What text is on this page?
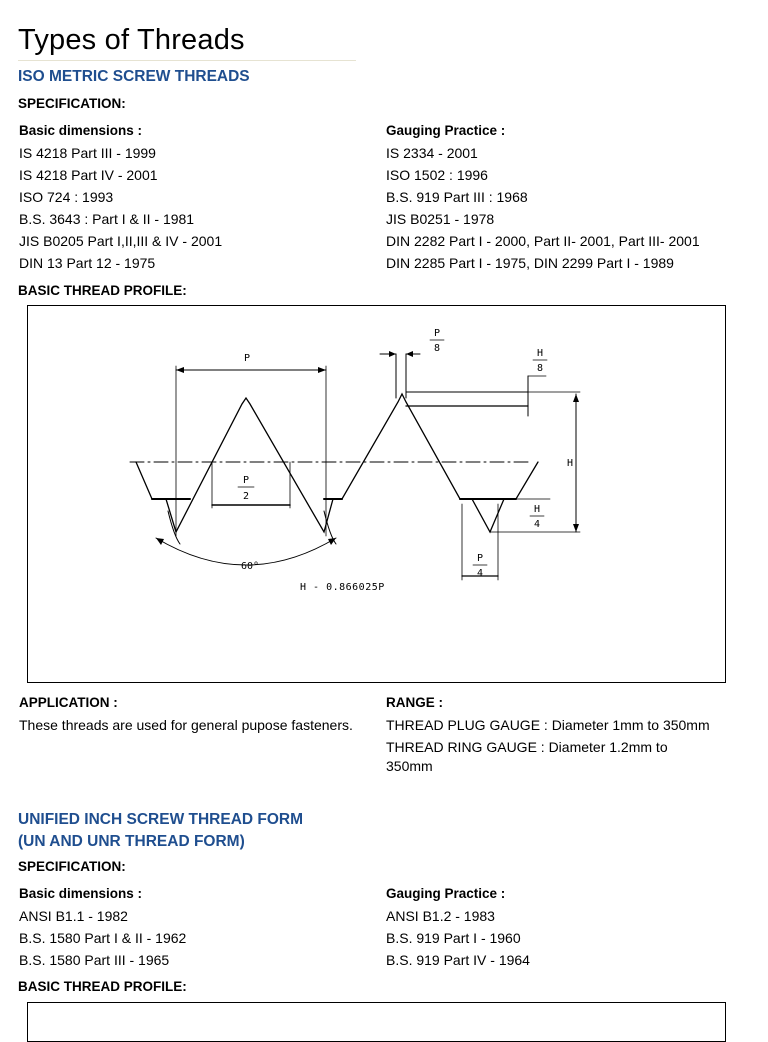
Types of Threads
ISO METRIC SCREW THREADS
SPECIFICATION:
Basic dimensions :
IS 4218 Part III - 1999
IS 4218 Part IV - 2001
ISO 724 : 1993
B.S. 3643 : Part I & II - 1981
JIS B0205 Part I,II,III & IV - 2001
DIN 13 Part 12 - 1975
Gauging Practice :
IS 2334 - 2001
ISO 1502 : 1996
B.S. 919 Part III : 1968
JIS B0251 - 1978
DIN 2282 Part I - 2000, Part II- 2001, Part III- 2001
DIN 2285 Part I - 1975, DIN 2299 Part I - 1989
BASIC THREAD PROFILE:
P
P
2
60°
P
8	H
8
H
H
4
P
4
H - 0.866025P
APPLICATION :
These threads are used for general pupose fasteners.
RANGE :
THREAD PLUG GAUGE : Diameter 1mm to 350mm
THREAD RING GAUGE : Diameter 1.2mm to
350mm
UNIFIED INCH SCREW THREAD FORM
(UN AND UNR THREAD FORM)
SPECIFICATION:
Basic dimensions :
ANSI B1.1 - 1982
B.S. 1580 Part I & II - 1962
B.S. 1580 Part III - 1965
Gauging Practice :
ANSI B1.2 - 1983
B.S. 919 Part I - 1960
B.S. 919 Part IV - 1964
BASIC THREAD PROFILE:
